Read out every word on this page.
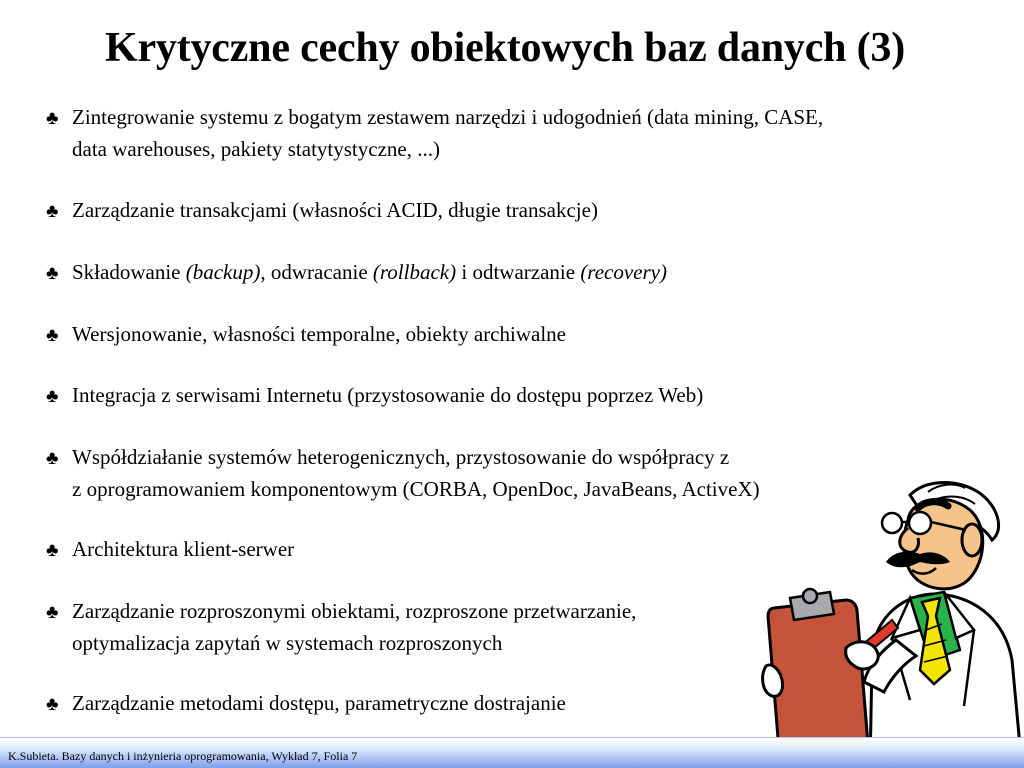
Krytyczne cechy obiektowych baz danych (3)
♣ Zintegrowanie systemu z bogatym zestawem narzędzi i udogodnień (data mining, CASE,
data warehouses, pakiety statytystyczne, ...)
♣ Zarządzanie transakcjami (własności ACID, długie transakcje)
♣ Składowanie (backup), odwracanie (rollback) i odtwarzanie (recovery)
♣ Wersjonowanie, własności temporalne, obiekty archiwalne
♣ Integracja z serwisami Internetu (przystosowanie do dostępu poprzez Web)
♣ Współdziałanie systemów heterogenicznych, przystosowanie do współpracy z
z oprogramowaniem komponentowym (CORBA, OpenDoc, JavaBeans, ActiveX)
♣ Architektura klient-serwer
♣ Zarządzanie rozproszonymi obiektami, rozproszone przetwarzanie,
optymalizacja zapytań w systemach rozproszonych
♣ Zarządzanie metodami dostępu, parametryczne dostrajanie
K.Subieta. Bazy danych i inżynieria oprogramowania, Wykład 7, Folia 7
